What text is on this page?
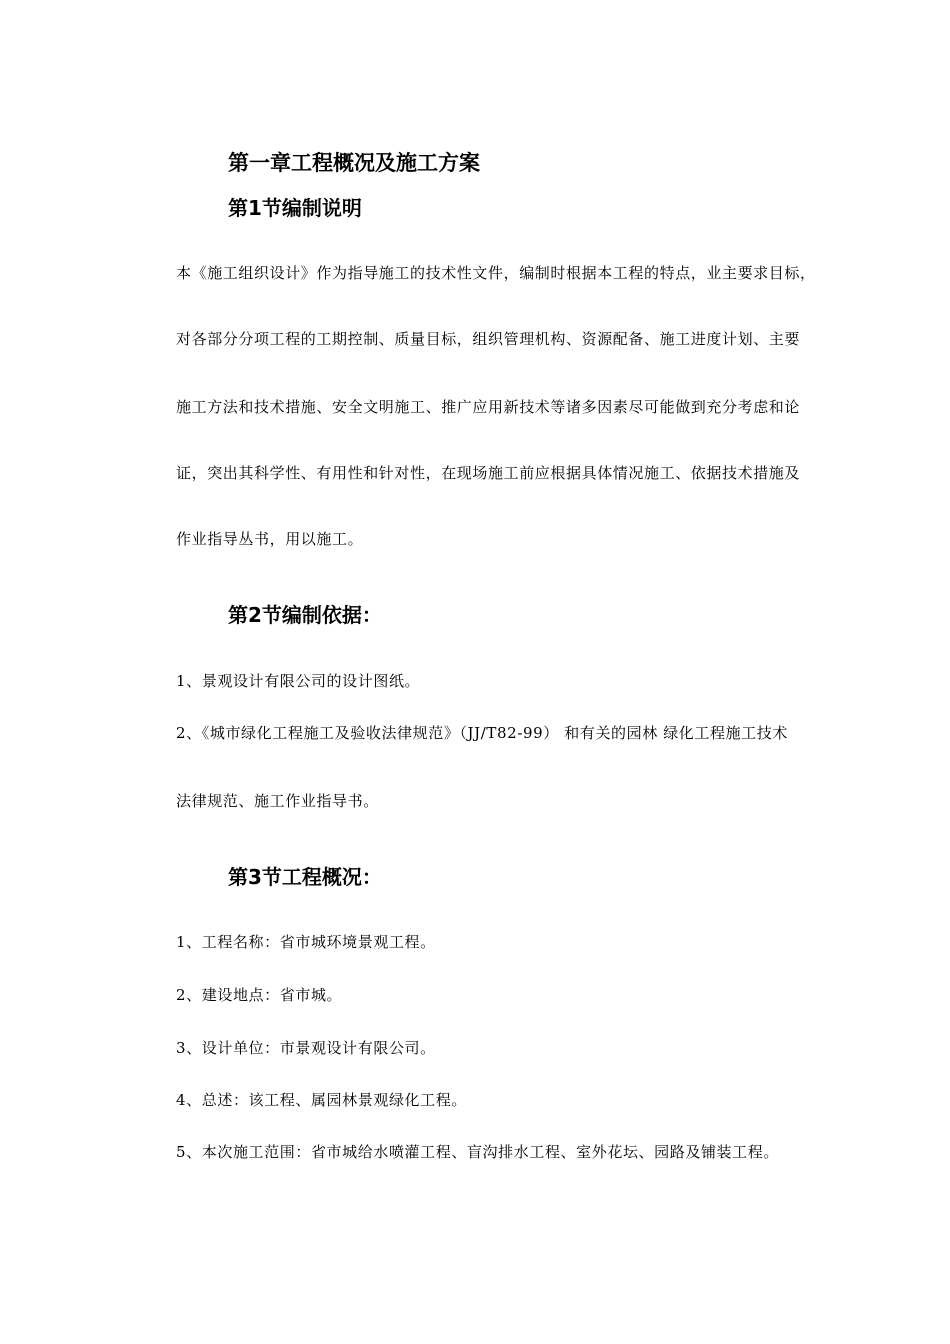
第一章工程概况及施工方案
第1节编制说明
本《施工组织设计》作为指导施工的技术性文件，编制时根据本工程的特点，业主要求目标，
对各部分分项工程的工期控制、质量目标，组织管理机构、资源配备、施工进度计划、主要
施工方法和技术措施、安全文明施工、推广应用新技术等诸多因素尽可能做到充分考虑和论
证，突出其科学性、有用性和针对性，在现场施工前应根据具体情况施工、依据技术措施及
作业指导丛书，用以施工。
第2节编制依据：
1、景观设计有限公司的设计图纸。
2、《城市绿化工程施工及验收法律规范》（JJ/T82-99） 和有关的园林 绿化工程施工技术
法律规范、施工作业指导书。
第3节工程概况：
1、工程名称：省市城环境景观工程。
2、建设地点：省市城。
3、设计单位：市景观设计有限公司。
4、总述：该工程、属园林景观绿化工程。
5、本次施工范围：省市城给水喷灌工程、盲沟排水工程、室外花坛、园路及铺装工程。
